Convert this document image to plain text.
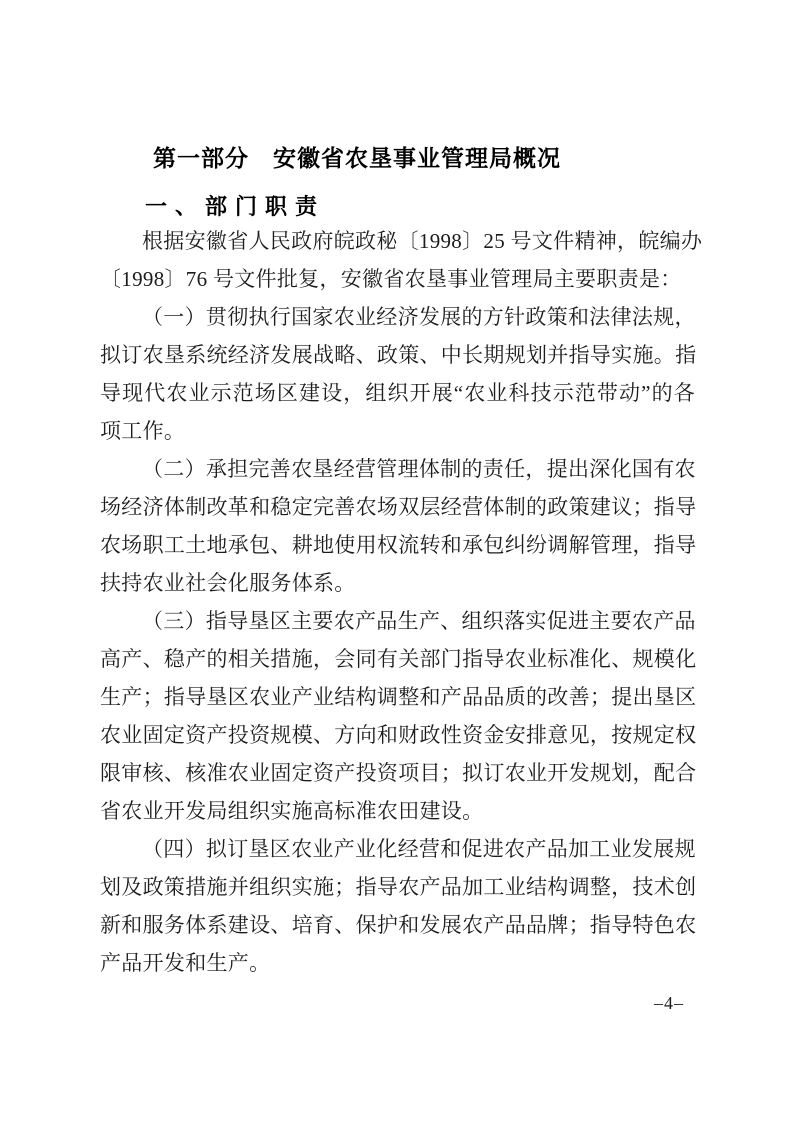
第一部分　安徽省农垦事业管理局概况
一、部门职责
根据安徽省人民政府皖政秘〔1998〕25 号文件精神，皖编办
〔1998〕76 号文件批复，安徽省农垦事业管理局主要职责是：
（一）贯彻执行国家农业经济发展的方针政策和法律法规，
拟订农垦系统经济发展战略、政策、中长期规划并指导实施。指
导现代农业示范场区建设，组织开展“农业科技示范带动”的各
项工作。
（二）承担完善农垦经营管理体制的责任，提出深化国有农
场经济体制改革和稳定完善农场双层经营体制的政策建议；指导
农场职工土地承包、耕地使用权流转和承包纠纷调解管理，指导
扶持农业社会化服务体系。
（三）指导垦区主要农产品生产、组织落实促进主要农产品
高产、稳产的相关措施，会同有关部门指导农业标准化、规模化
生产；指导垦区农业产业结构调整和产品品质的改善；提出垦区
农业固定资产投资规模、方向和财政性资金安排意见，按规定权
限审核、核准农业固定资产投资项目；拟订农业开发规划，配合
省农业开发局组织实施高标准农田建设。
（四）拟订垦区农业产业化经营和促进农产品加工业发展规
划及政策措施并组织实施；指导农产品加工业结构调整，技术创
新和服务体系建设、培育、保护和发展农产品品牌；指导特色农
产品开发和生产。
–4–
